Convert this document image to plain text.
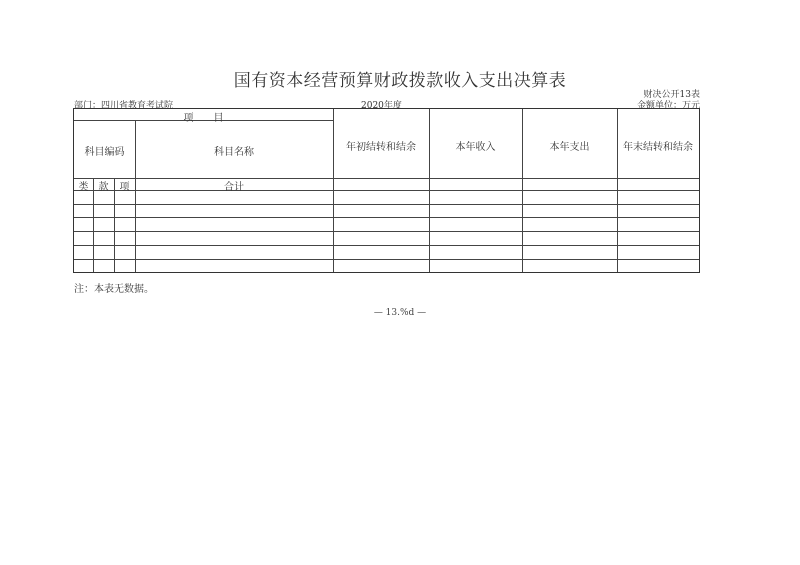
国有资本经营预算财政拨款收入支出决算表
财决公开13表
部门：四川省教育考试院	2020年度	金额单位：万元
项　　目
科目编码	科目名称	年初结转和结余	本年收入	本年支出	年末结转和结余
类	款	项	合计
注：本表无数据。
— 13.%d —
